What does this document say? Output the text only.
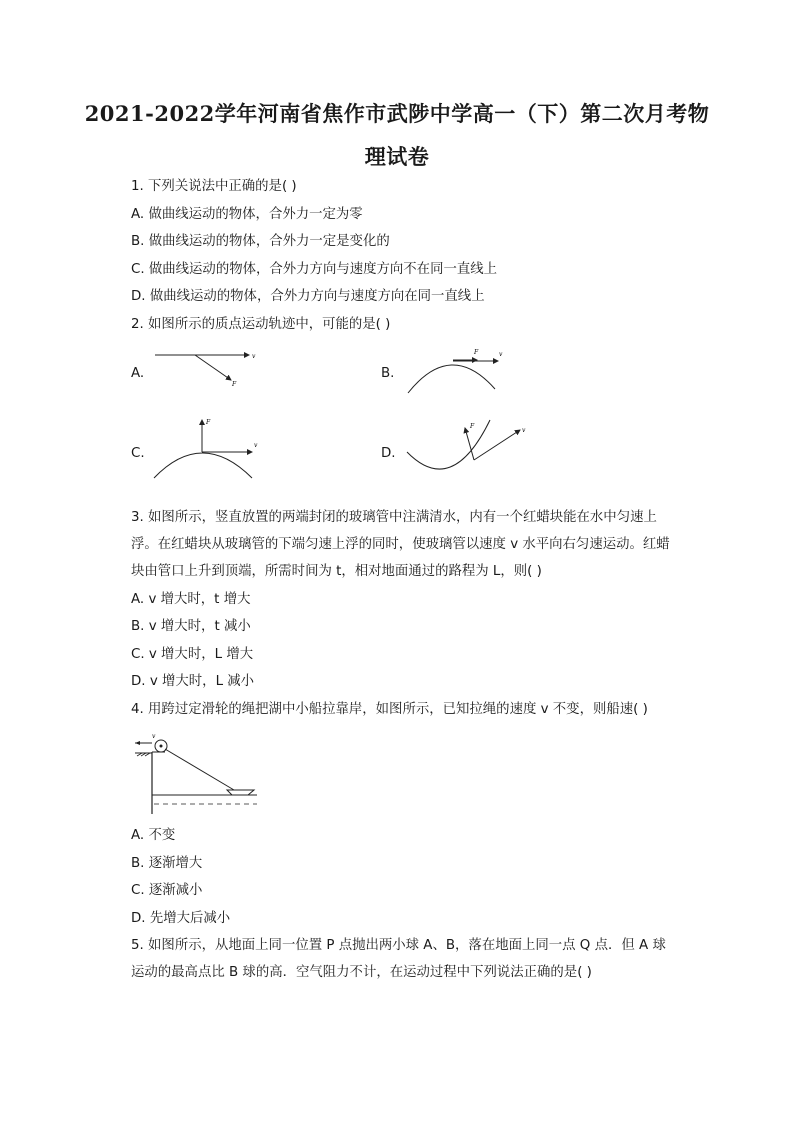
2021-2022学年河南省焦作市武陟中学高一（下）第二次月考物
理试卷
1. 下列关说法中正确的是( )
A. 做曲线运动的物体，合外力一定为零
B. 做曲线运动的物体，合外力一定是变化的
C. 做曲线运动的物体，合外力方向与速度方向不在同一直线上
D. 做曲线运动的物体，合外力方向与速度方向在同一直线上
2. 如图所示的质点运动轨迹中，可能的是( )
A.
v
F
B.
F	v
C.
F
v
D.
F
v
3. 如图所示，竖直放置的两端封闭的玻璃管中注满清水，内有一个红蜡块能在水中匀速上
浮。在红蜡块从玻璃管的下端匀速上浮的同时，使玻璃管以速度 v 水平向右匀速运动。红蜡
块由管口上升到顶端，所需时间为 t，相对地面通过的路程为 L，则( )
A. v 增大时，t 增大
B. v 增大时，t 减小
C. v 增大时，L 增大
D. v 增大时，L 减小
4. 用跨过定滑轮的绳把湖中小船拉靠岸，如图所示，已知拉绳的速度 v 不变，则船速( )
v
A. 不变
B. 逐渐增大
C. 逐渐减小
D. 先增大后减小
5. 如图所示，从地面上同一位置 P 点抛出两小球 A、B，落在地面上同一点 Q 点．但 A 球
运动的最高点比 B 球的高．空气阻力不计，在运动过程中下列说法正确的是( )
